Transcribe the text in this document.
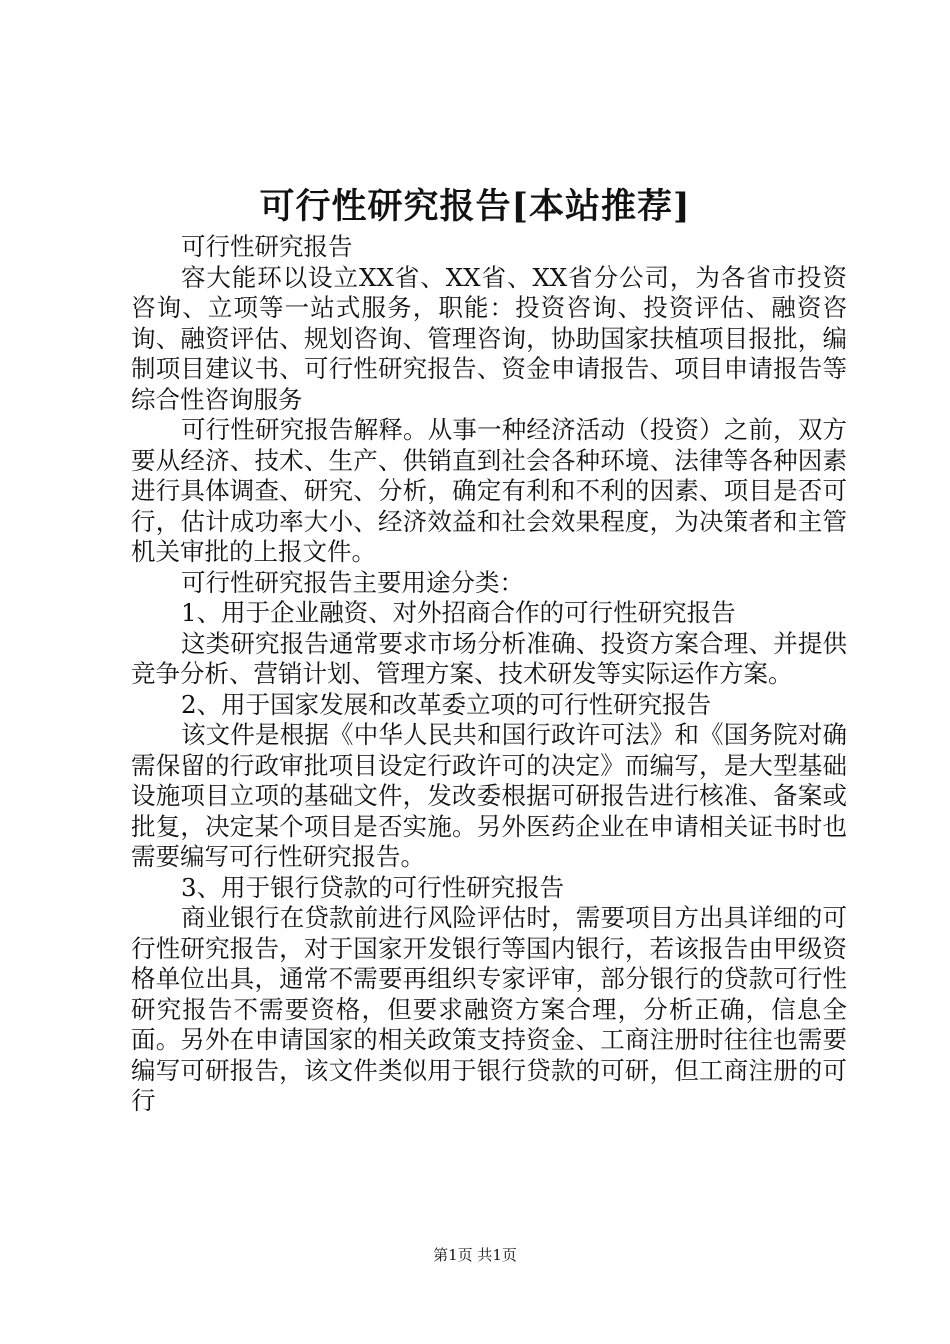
可行性研究报告[本站推荐]

可行性研究报告

容大能环以设立XX省、XX省、XX省分公司，为各省市投资咨询、立项等一站式服务，职能：投资咨询、投资评估、融资咨询、融资评估、规划咨询、管理咨询，协助国家扶植项目报批，编制项目建议书、可行性研究报告、资金申请报告、项目申请报告等综合性咨询服务

可行性研究报告解释。从事一种经济活动（投资）之前，双方要从经济、技术、生产、供销直到社会各种环境、法律等各种因素进行具体调查、研究、分析，确定有利和不利的因素、项目是否可行，估计成功率大小、经济效益和社会效果程度，为决策者和主管机关审批的上报文件。

可行性研究报告主要用途分类：

1、用于企业融资、对外招商合作的可行性研究报告

这类研究报告通常要求市场分析准确、投资方案合理、并提供竞争分析、营销计划、管理方案、技术研发等实际运作方案。

2、用于国家发展和改革委立项的可行性研究报告

该文件是根据《中华人民共和国行政许可法》和《国务院对确需保留的行政审批项目设定行政许可的决定》而编写，是大型基础设施项目立项的基础文件，发改委根据可研报告进行核准、备案或批复，决定某个项目是否实施。另外医药企业在申请相关证书时也需要编写可行性研究报告。

3、用于银行贷款的可行性研究报告

商业银行在贷款前进行风险评估时，需要项目方出具详细的可行性研究报告，对于国家开发银行等国内银行，若该报告由甲级资格单位出具，通常不需要再组织专家评审，部分银行的贷款可行性研究报告不需要资格，但要求融资方案合理，分析正确，信息全面。另外在申请国家的相关政策支持资金、工商注册时往往也需要编写可研报告，该文件类似用于银行贷款的可研，但工商注册的可行

第1页 共1页
